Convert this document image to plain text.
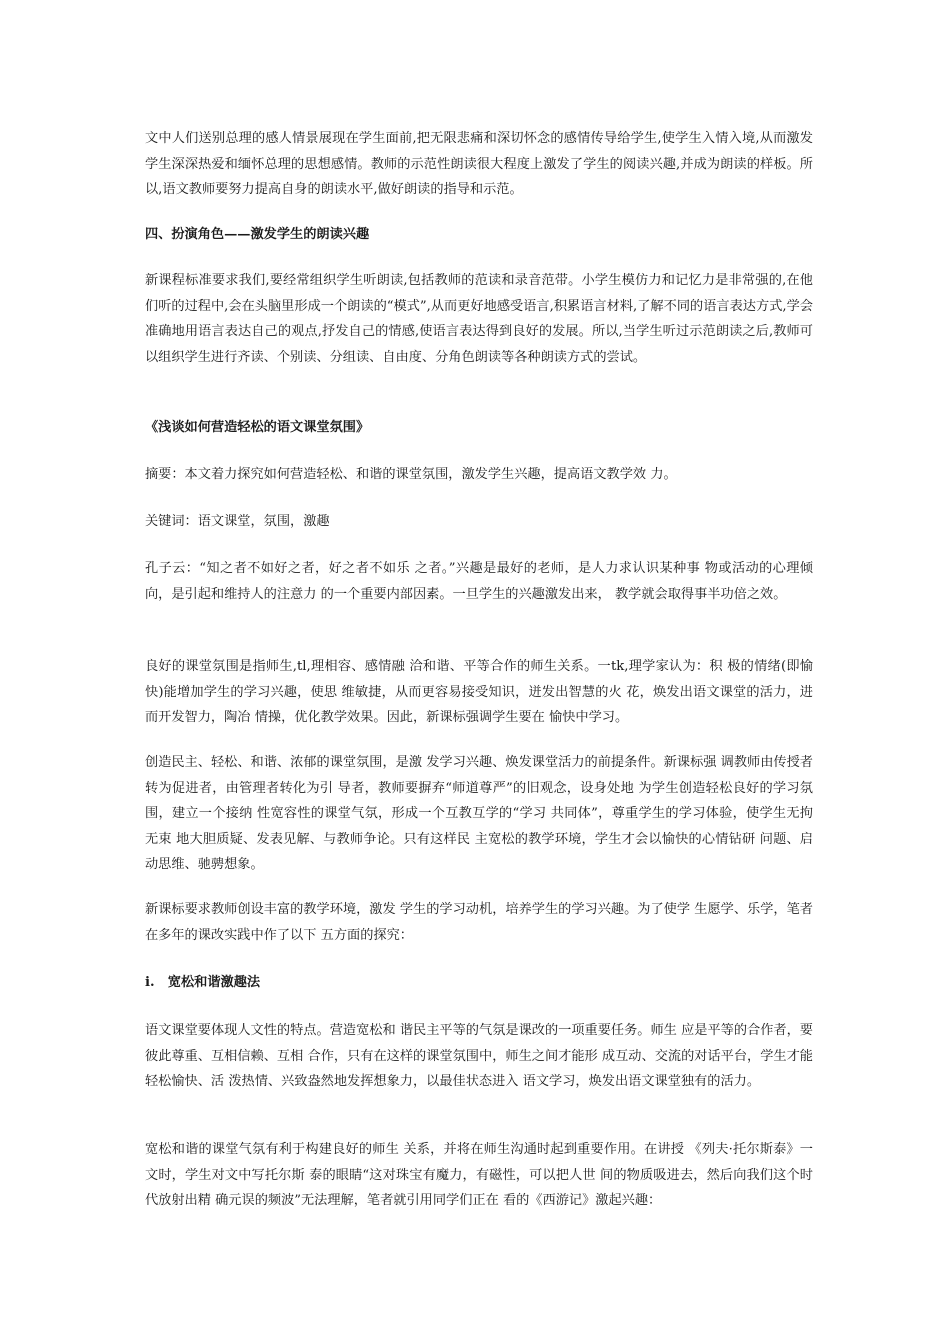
文中人们送别总理的感人情景展现在学生面前,把无限悲痛和深切怀念的感情传导给学生,使学生入情入境,从而激发学生深深热爱和缅怀总理的思想感情。教师的示范性朗读很大程度上激发了学生的阅读兴趣,并成为朗读的样板。所以,语文教师要努力提高自身的朗读水平,做好朗读的指导和示范。

四、扮演角色——激发学生的朗读兴趣

新课程标准要求我们,要经常组织学生听朗读,包括教师的范读和录音范带。小学生模仿力和记忆力是非常强的,在他们听的过程中,会在头脑里形成一个朗读的“模式”,从而更好地感受语言,积累语言材料,了解不同的语言表达方式,学会准确地用语言表达自己的观点,抒发自己的情感,使语言表达得到良好的发展。所以,当学生听过示范朗读之后,教师可以组织学生进行齐读、个别读、分组读、自由度、分角色朗读等各种朗读方式的尝试。

《浅谈如何营造轻松的语文课堂氛围》

摘要：本文着力探究如何营造轻松、和谐的课堂氛围，激发学生兴趣，提高语文教学效 力。

关键词：语文课堂，氛围，激趣

孔子云：“知之者不如好之者，好之者不如乐 之者。”兴趣是最好的老师，是人力求认识某种事 物或活动的心理倾向，是引起和维持人的注意力 的一个重要内部因素。一旦学生的兴趣激发出来， 教学就会取得事半功倍之效。

良好的课堂氛围是指师生,tl,理相容、感情融 洽和谐、平等合作的师生关系。一tk,理学家认为：积 极的情绪(即愉快)能增加学生的学习兴趣，使思 维敏捷，从而更容易接受知识，迸发出智慧的火 花，焕发出语文课堂的活力，进而开发智力，陶冶 情操，优化教学效果。因此，新课标强调学生要在 愉快中学习。

创造民主、轻松、和谐、浓郁的课堂氛围，是激 发学习兴趣、焕发课堂活力的前提条件。新课标强 调教师由传授者转为促进者，由管理者转化为引 导者，教师要摒弃“师道尊严”的旧观念，设身处地 为学生创造轻松良好的学习氛围，建立一个接纳 性宽容性的课堂气氛，形成一个互教互学的“学习 共同体”，尊重学生的学习体验，使学生无拘无束 地大胆质疑、发表见解、与教师争论。只有这样民 主宽松的教学环境，学生才会以愉快的心情钻研 问题、启动思维、驰骋想象。

新课标要求教师创设丰富的教学环境，激发 学生的学习动机，培养学生的学习兴趣。为了使学 生愿学、乐学，笔者在多年的课改实践中作了以下 五方面的探究：

i.　宽松和谐激趣法

语文课堂要体现人文性的特点。营造宽松和 谐民主平等的气氛是课改的一项重要任务。师生 应是平等的合作者，要彼此尊重、互相信赖、互相 合作，只有在这样的课堂氛围中，师生之间才能形 成互动、交流的对话平台，学生才能轻松愉快、活 泼热情、兴致盎然地发挥想象力，以最佳状态进入 语文学习，焕发出语文课堂独有的活力。

宽松和谐的课堂气氛有利于构建良好的师生 关系，并将在师生沟通时起到重要作用。在讲授 《列夫·托尔斯泰》一文时，学生对文中写托尔斯 泰的眼睛“这对珠宝有魔力，有磁性，可以把人世 间的物质吸进去，然后向我们这个时代放射出精 确元误的频波”无法理解，笔者就引用同学们正在 看的《西游记》激起兴趣：
